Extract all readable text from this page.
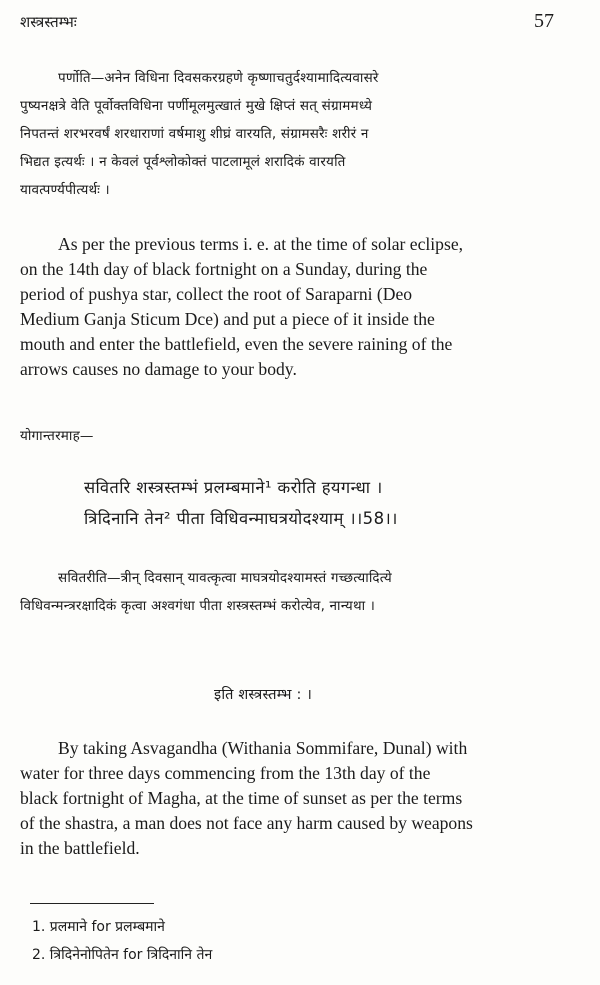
शस्त्रस्तम्भः	57
पर्णोति—अनेन विधिना दिवसकरग्रहणे कृष्णाचतुर्दश्यामादित्यवासरे
पुष्यनक्षत्रे वेति पूर्वोक्तविधिना पर्णीमूलमुत्खातं मुखे क्षिप्तं सत् संग्राममध्ये
निपतन्तं शरभरवर्षं शरधाराणां वर्षमाशु शीघ्रं वारयति, संग्रामसरैः शरीरं न
भिद्यत इत्यर्थः । न केवलं पूर्वश्लोकोक्तं पाटलामूलं शरादिकं वारयति
यावत्पर्ण्यपीत्यर्थः ।
As per the previous terms i. e. at the time of solar eclipse,
on the 14th day of black fortnight on a Sunday, during the
period of pushya star, collect the root of Saraparni (Deo
Medium Ganja Sticum Dce) and put a piece of it inside the
mouth and enter the battlefield, even the severe raining of the
arrows causes no damage to your body.
योगान्तरमाह—
सवितरि शस्त्रस्तम्भं प्रलम्बमाने¹ करोति हयगन्धा ।
त्रिदिनानि तेन² पीता विधिवन्माघत्रयोदश्याम् ।।58।।
सवितरीति—त्रीन् दिवसान् यावत्कृत्वा माघत्रयोदश्यामस्तं गच्छत्यादित्ये
विधिवन्मन्त्ररक्षादिकं कृत्वा अश्वगंधा पीता शस्त्रस्तम्भं करोत्येव, नान्यथा ।
इति शस्त्रस्तम्भ : ।
By taking Asvagandha (Withania Sommifare, Dunal) with
water for three days commencing from the 13th day of the
black fortnight of Magha, at the time of sunset as per the terms
of the shastra, a man does not face any harm caused by weapons
in the battlefield.
1. प्रलमाने for प्रलम्बमाने
2. त्रिदिनेनोपितेन for त्रिदिनानि तेन
